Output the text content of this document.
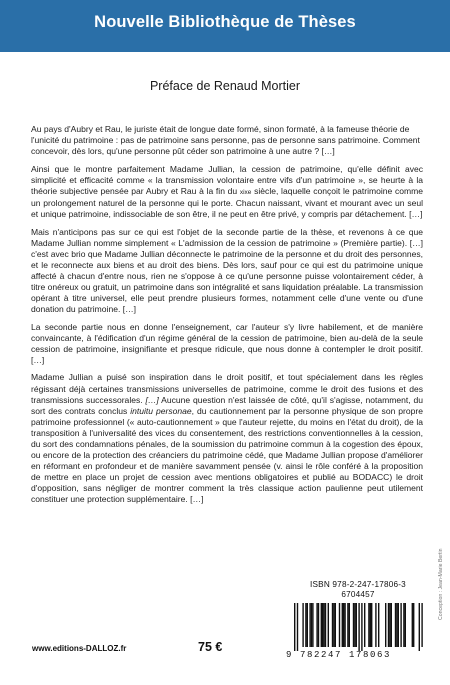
Nouvelle Bibliothèque de Thèses
Préface de Renaud Mortier

Au pays d'Aubry et Rau, le juriste était de longue date formé, sinon formaté, à la fameuse théorie de l'unicité du patrimoine : pas de patrimoine sans personne, pas de personne sans patrimoine. Comment concevoir, dès lors, qu'une personne pût céder son patrimoine à une autre ? […]

Ainsi que le montre parfaitement Madame Jullian, la cession de patrimoine, qu'elle définit avec simplicité et efficacité comme « la transmission volontaire entre vifs d'un patrimoine », se heurte à la théorie subjective pensée par Aubry et Rau à la fin du xixe siècle, laquelle conçoit le patrimoine comme un prolongement naturel de la personne qui le porte. Chacun naissant, vivant et mourant avec un seul et unique patrimoine, indissociable de son être, il ne peut en être privé, y compris par détachement. […]

Mais n'anticipons pas sur ce qui est l'objet de la seconde partie de la thèse, et revenons à ce que Madame Jullian nomme simplement « L'admission de la cession de patrimoine » (Première partie). […] c'est avec brio que Madame Jullian déconnecte le patrimoine de la personne et du droit des personnes, et le reconnecte aux biens et au droit des biens. Dès lors, sauf pour ce qui est du patrimoine unique affecté à chacun d'entre nous, rien ne s'oppose à ce qu'une personne puisse volontairement céder, à titre onéreux ou gratuit, un patrimoine dans son intégralité et sans liquidation préalable. La transmission opérant à titre universel, elle peut prendre plusieurs formes, notamment celle d'une vente ou d'une donation du patrimoine. […]

La seconde partie nous en donne l'enseignement, car l'auteur s'y livre habilement, et de manière convaincante, à l'édification d'un régime général de la cession de patrimoine, bien au-delà de la seule cession de patrimoine, insignifiante et presque ridicule, que nous donne à contempler le droit positif. […]

Madame Jullian a puisé son inspiration dans le droit positif, et tout spécialement dans les règles régissant déjà certaines transmissions universelles de patrimoine, comme le droit des fusions et des transmissions successorales. […] Aucune question n'est laissée de côté, qu'il s'agisse, notamment, du sort des contrats conclus intuitu personae, du cautionnement par la personne physique de son propre patrimoine professionnel (« auto-cautionnement » que l'auteur rejette, du moins en l'état du droit), de la transposition à l'universalité des vices du consentement, des restrictions conventionnelles à la cession, du sort des condamnations pénales, de la soumission du patrimoine commun à la cogestion des époux, ou encore de la protection des créanciers du patrimoine cédé, que Madame Jullian propose d'améliorer en réformant en profondeur et de manière savamment pensée (v. ainsi le rôle conféré à la proposition de mettre en place un projet de cession avec mentions obligatoires et publié au BODACC) le droit d'opposition, sans négliger de montrer comment la très classique action paulienne peut utilement constituer une protection supplémentaire. […]

ISBN 978-2-247-17806-3
6704457
9 782247 178063
Conception : Jean-Marie Bertin
www.editions-DALLOZ.fr	75 €
